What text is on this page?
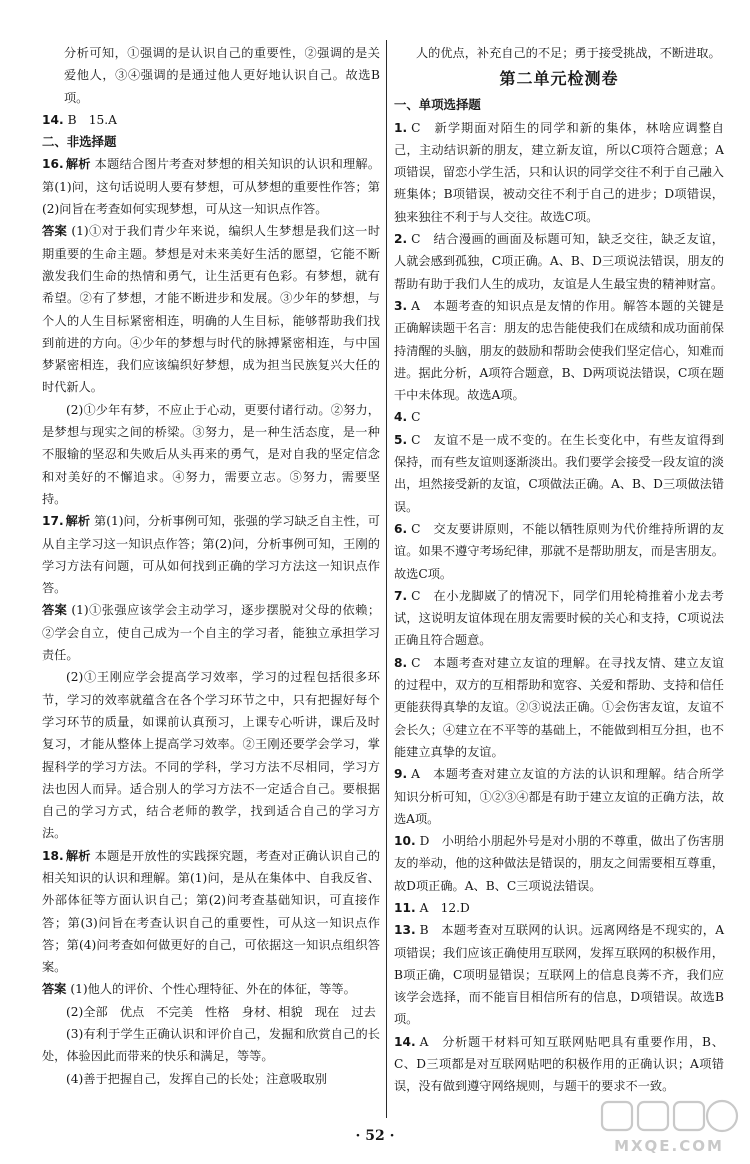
分析可知，①强调的是认识自己的重要性，②强调的是关爱他人，③④强调的是通过他人更好地认识自己。故选B项。

14. B　15.A

二、非选择题

16. 解析 本题结合图片考查对梦想的相关知识的认识和理解。第(1)问，这句话说明人要有梦想，可从梦想的重要性作答；第(2)问旨在考查如何实现梦想，可从这一知识点作答。

答案 (1)①对于我们青少年来说，编织人生梦想是我们这一时期重要的生命主题。梦想是对未来美好生活的愿望，它能不断激发我们生命的热情和勇气，让生活更有色彩。有梦想，就有希望。②有了梦想，才能不断进步和发展。③少年的梦想，与个人的人生目标紧密相连，明确的人生目标，能够帮助我们找到前进的方向。④少年的梦想与时代的脉搏紧密相连，与中国梦紧密相连，我们应该编织好梦想，成为担当民族复兴大任的时代新人。

(2)①少年有梦，不应止于心动，更要付诸行动。②努力，是梦想与现实之间的桥梁。③努力，是一种生活态度，是一种不服输的坚忍和失败后从头再来的勇气，是对自我的坚定信念和对美好的不懈追求。④努力，需要立志。⑤努力，需要坚持。

17. 解析 第(1)问，分析事例可知，张强的学习缺乏自主性，可从自主学习这一知识点作答；第(2)问，分析事例可知，王刚的学习方法有问题，可从如何找到正确的学习方法这一知识点作答。

答案 (1)①张强应该学会主动学习，逐步摆脱对父母的依赖；②学会自立，使自己成为一个自主的学习者，能独立承担学习责任。

(2)①王刚应学会提高学习效率，学习的过程包括很多环节，学习的效率就蕴含在各个学习环节之中，只有把握好每个学习环节的质量，如课前认真预习，上课专心听讲，课后及时复习，才能从整体上提高学习效率。②王刚还要学会学习，掌握科学的学习方法。不同的学科，学习方法不尽相同，学习方法也因人而异。适合别人的学习方法不一定适合自己。要根据自己的学习方式，结合老师的教学，找到适合自己的学习方法。

18. 解析 本题是开放性的实践探究题，考查对正确认识自己的相关知识的认识和理解。第(1)问，是从在集体中、自我反省、外部体征等方面认识自己；第(2)问考查基础知识，可直接作答；第(3)问旨在考查认识自己的重要性，可从这一知识点作答；第(4)问考查如何做更好的自己，可依据这一知识点组织答案。

答案 (1)他人的评价、个性心理特征、外在的体征，等等。

(2)全部　优点　不完美　性格　身材、相貌　现在　过去

(3)有利于学生正确认识和评价自己，发掘和欣赏自己的长处，体验因此而带来的快乐和满足，等等。

(4)善于把握自己，发挥自己的长处；注意吸取别

人的优点，补充自己的不足；勇于接受挑战，不断进取。

第二单元检测卷

一、单项选择题

1. C　新学期面对陌生的同学和新的集体，林啥应调整自己，主动结识新的朋友，建立新友谊，所以C项符合题意；A项错误，留恋小学生活，只和认识的同学交往不利于自己融入班集体；B项错误，被动交往不利于自己的进步；D项错误，独来独往不利于与人交往。故选C项。

2. C　结合漫画的画面及标题可知，缺乏交往，缺乏友谊，人就会感到孤独，C项正确。A、B、D三项说法错误，朋友的帮助有助于我们人生的成功，友谊是人生最宝贵的精神财富。

3. A　本题考查的知识点是友情的作用。解答本题的关键是正确解读题干名言：朋友的忠告能使我们在成绩和成功面前保持清醒的头脑，朋友的鼓励和帮助会使我们坚定信心，知难而进。据此分析，A项符合题意，B、D两项说法错误，C项在题干中未体现。故选A项。

4. C

5. C　友谊不是一成不变的。在生长变化中，有些友谊得到保持，而有些友谊则逐渐淡出。我们要学会接受一段友谊的淡出，坦然接受新的友谊，C项做法正确。A、B、D三项做法错误。

6. C　交友要讲原则，不能以牺牲原则为代价维持所谓的友谊。如果不遵守考场纪律，那就不是帮助朋友，而是害朋友。故选C项。

7. C　在小龙脚崴了的情况下，同学们用轮椅推着小龙去考试，这说明友谊体现在朋友需要时候的关心和支持，C项说法正确且符合题意。

8. C　本题考查对建立友谊的理解。在寻找友情、建立友谊的过程中，双方的互相帮助和宽容、关爱和帮助、支持和信任更能获得真挚的友谊。②③说法正确。①会伤害友谊，友谊不会长久；④建立在不平等的基础上，不能做到相互分担，也不能建立真挚的友谊。

9. A　本题考查对建立友谊的方法的认识和理解。结合所学知识分析可知，①②③④都是有助于建立友谊的正确方法，故选A项。

10. D　小明给小朋起外号是对小朋的不尊重，做出了伤害朋友的举动，他的这种做法是错误的，朋友之间需要相互尊重，故D项正确。A、B、C三项说法错误。

11. A　12.D

13. B　本题考查对互联网的认识。远离网络是不现实的，A项错误；我们应该正确使用互联网，发挥互联网的积极作用，B项正确，C项明显错误；互联网上的信息良莠不齐，我们应该学会选择，而不能盲目相信所有的信息，D项错误。故选B项。

14. A　分析题干材料可知互联网贴吧具有重要作用，B、C、D三项都是对互联网贴吧的积极作用的正确认识；A项错误，没有做到遵守网络规则，与题干的要求不一致。

· 52 ·
MXQE.COM
